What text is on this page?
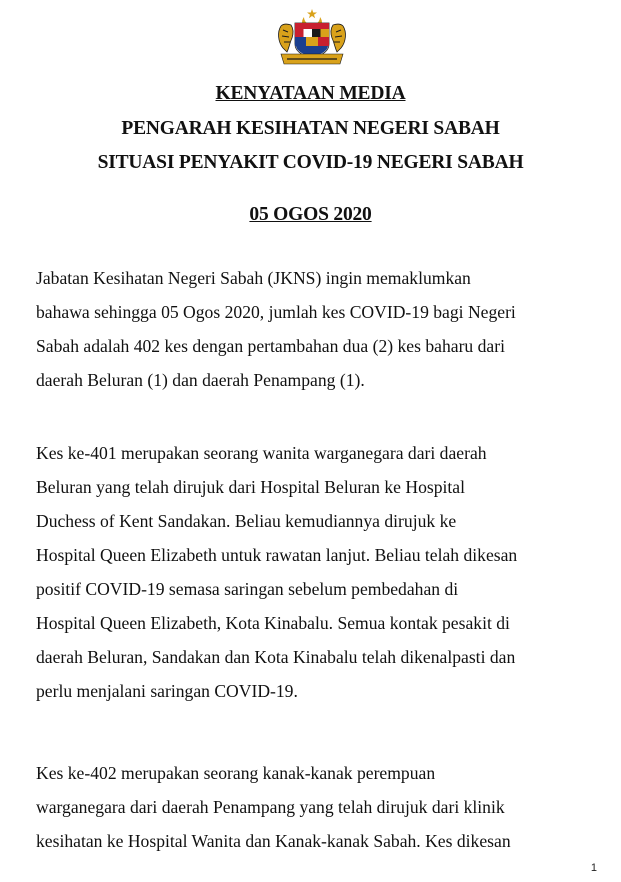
KENYATAAN MEDIA
PENGARAH KESIHATAN NEGERI SABAH
SITUASI PENYAKIT COVID-19 NEGERI SABAH
05 OGOS 2020
Jabatan Kesihatan Negeri Sabah (JKNS) ingin memaklumkan
bahawa sehingga 05 Ogos 2020, jumlah kes COVID-19 bagi Negeri
Sabah adalah 402 kes dengan pertambahan dua (2) kes baharu dari
daerah Beluran (1) dan daerah Penampang (1).
Kes ke-401 merupakan seorang wanita warganegara dari daerah
Beluran yang telah dirujuk dari Hospital Beluran ke Hospital
Duchess of Kent Sandakan. Beliau kemudiannya dirujuk ke
Hospital Queen Elizabeth untuk rawatan lanjut. Beliau telah dikesan
positif COVID-19 semasa saringan sebelum pembedahan di
Hospital Queen Elizabeth, Kota Kinabalu. Semua kontak pesakit di
daerah Beluran, Sandakan dan Kota Kinabalu telah dikenalpasti dan
perlu menjalani saringan COVID-19.
Kes ke-402 merupakan seorang kanak-kanak perempuan
warganegara dari daerah Penampang yang telah dirujuk dari klinik
kesihatan ke Hospital Wanita dan Kanak-kanak Sabah. Kes dikesan
1
